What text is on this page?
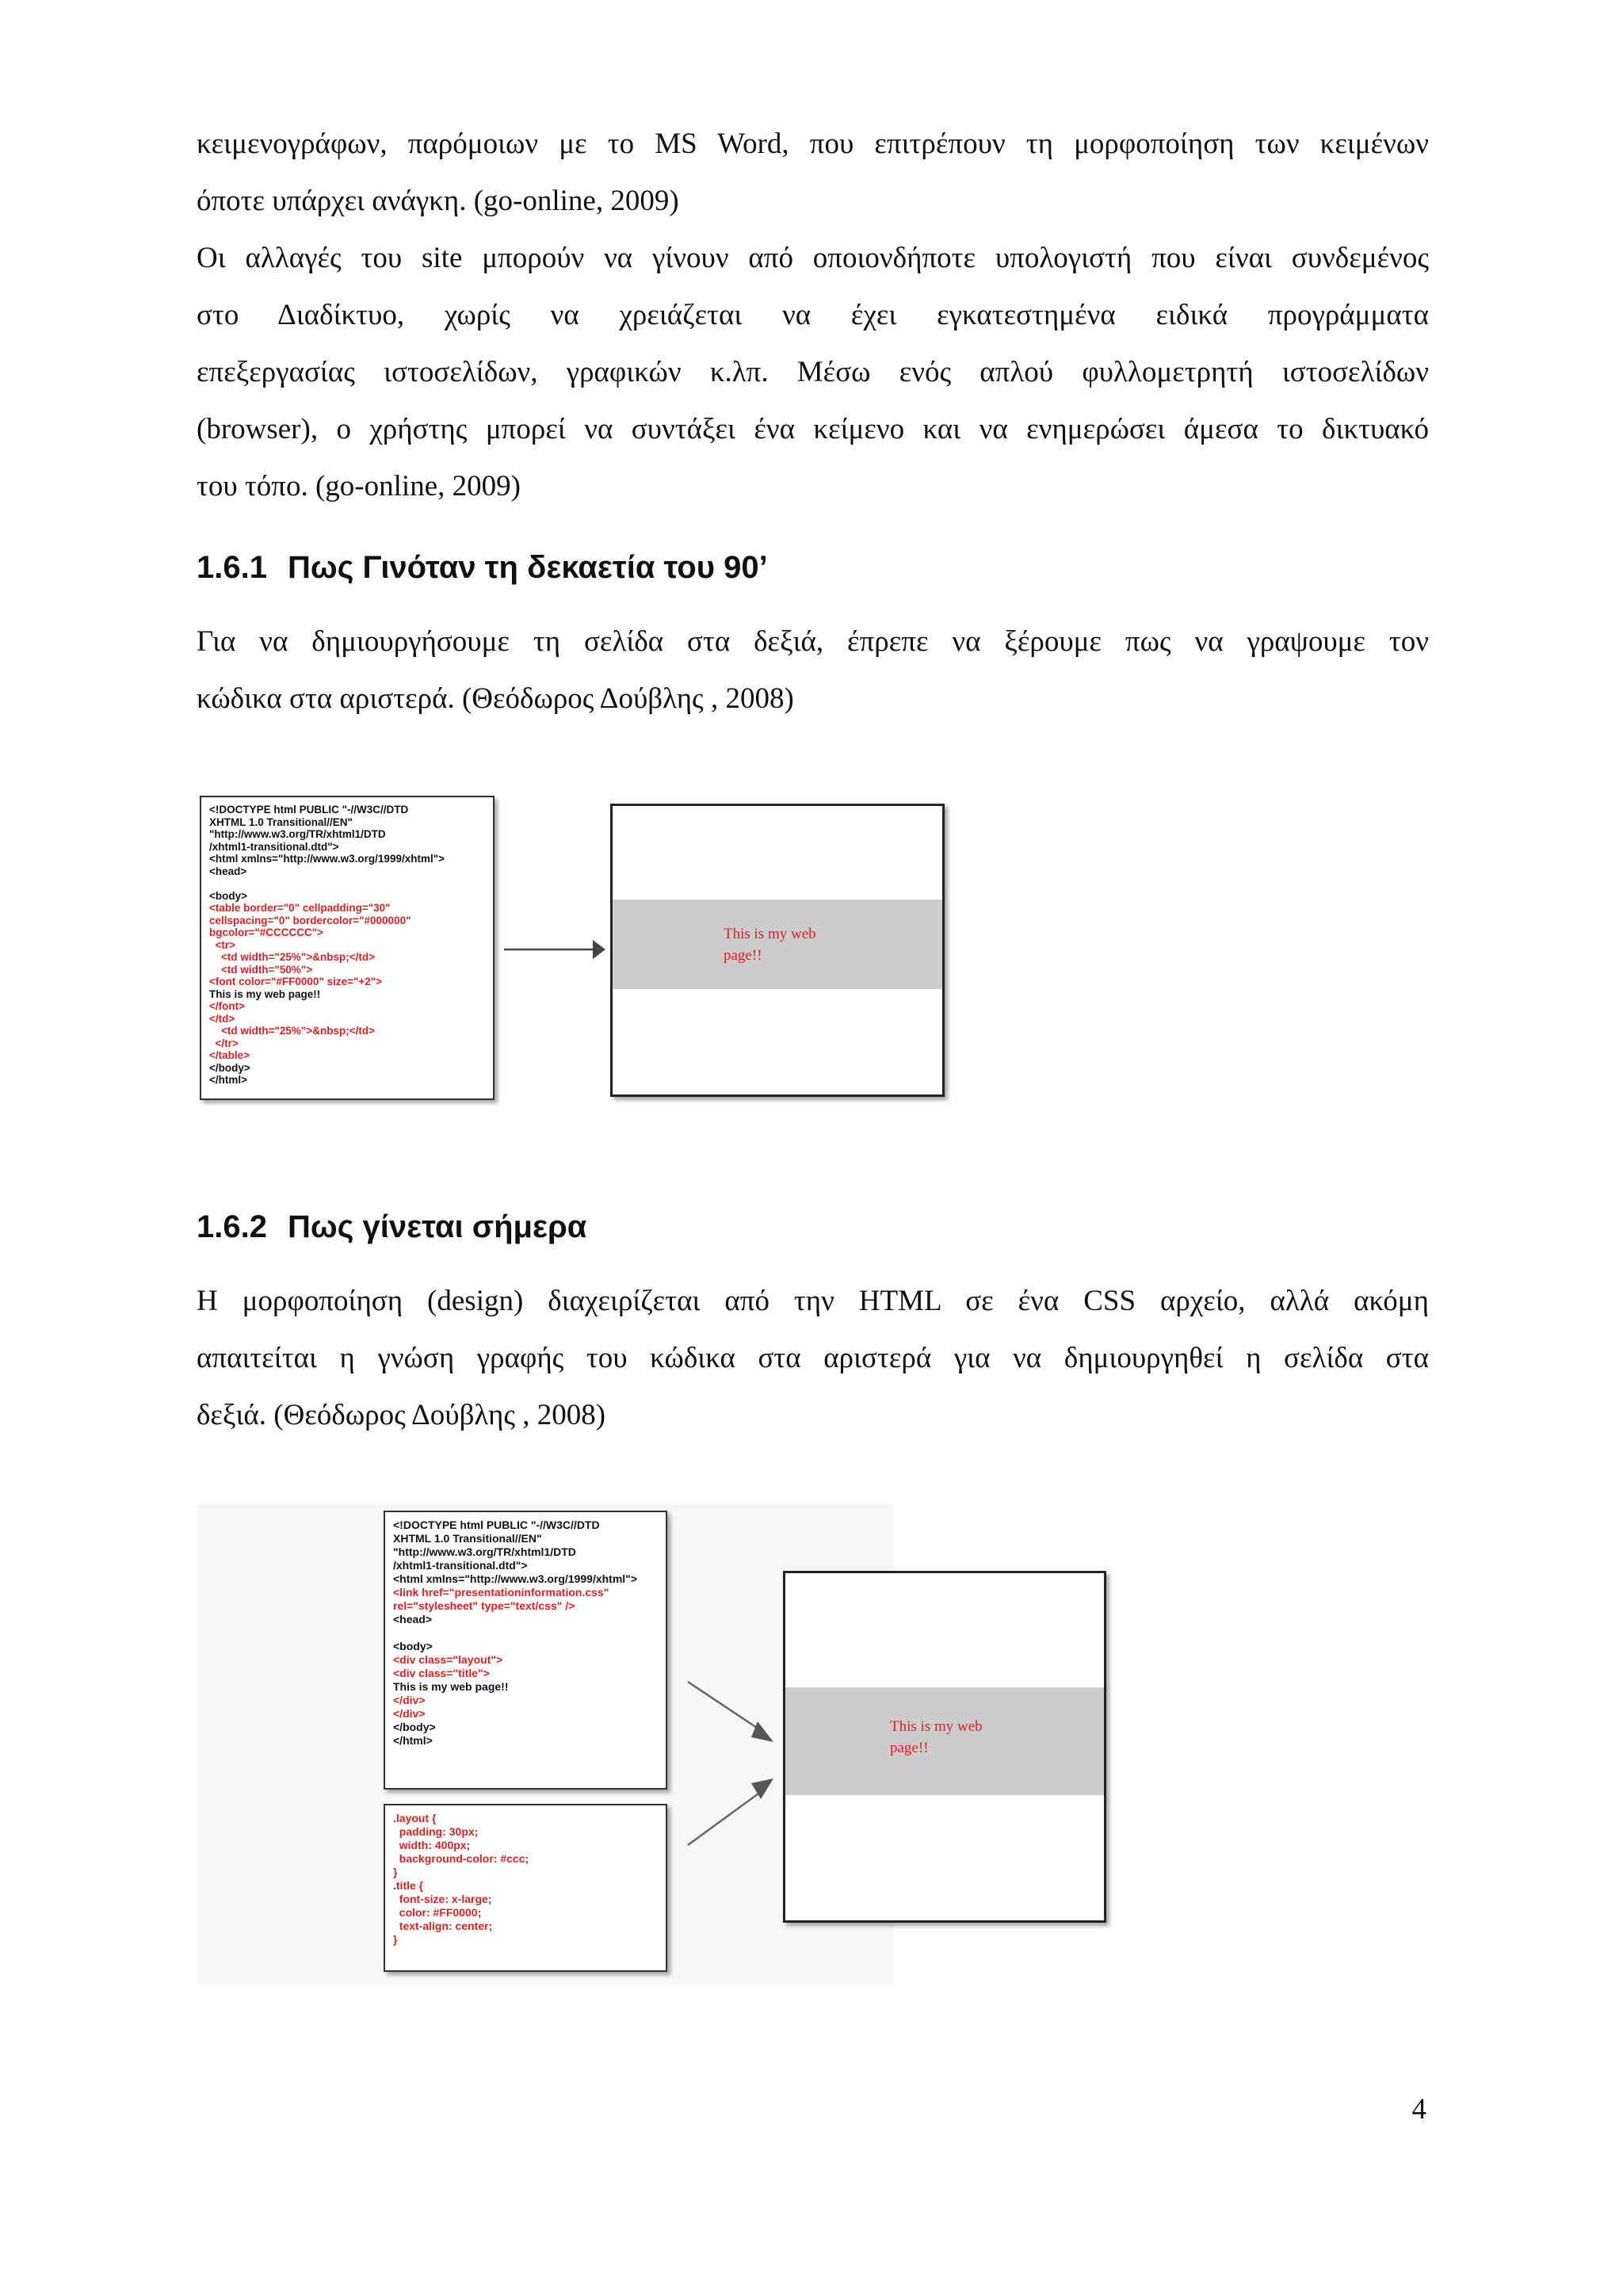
κειμενογράφων, παρόμοιων με το MS Word, που επιτρέπουν τη μορφοποίηση των κειμένων
όποτε υπάρχει ανάγκη. (go-online, 2009)
Οι αλλαγές του site μπορούν να γίνουν από οποιονδήποτε υπολογιστή που είναι συνδεμένος
στο Διαδίκτυο, χωρίς να χρειάζεται να έχει εγκατεστημένα ειδικά προγράμματα
επεξεργασίας ιστοσελίδων, γραφικών κ.λπ. Μέσω ενός απλού φυλλομετρητή ιστοσελίδων
(browser), ο χρήστης μπορεί να συντάξει ένα κείμενο και να ενημερώσει άμεσα το δικτυακό
του τόπο. (go-online, 2009)
1.6.1 Πως Γινόταν τη δεκαετία του 90’
Για να δημιουργήσουμε τη σελίδα στα δεξιά, έπρεπε να ξέρουμε πως να γραψουμε τον
κώδικα στα αριστερά. (Θεόδωρος Δούβλης , 2008)
<!DOCTYPE html PUBLIC "-//W3C//DTD
XHTML 1.0 Transitional//EN"
"http://www.w3.org/TR/xhtml1/DTD
/xhtml1-transitional.dtd">
<html xmlns="http://www.w3.org/1999/xhtml">
<head>

<body>
<table border="0" cellpadding="30"
cellspacing="0" bordercolor="#000000"
bgcolor="#CCCCCC">
<tr>
<td width="25%">&nbsp;</td>
<td width="50%">
<font color="#FF0000" size="+2">
This is my web page!!
</font>
</td>
<td width="25%">&nbsp;</td>
</tr>
</table>
</body>
</html>
This is my web
page!!
1.6.2 Πως γίνεται σήμερα
Η μορφοποίηση (design) διαχειρίζεται από την HTML σε ένα CSS αρχείο, αλλά ακόμη
απαιτείται η γνώση γραφής του κώδικα στα αριστερά για να δημιουργηθεί η σελίδα στα
δεξιά. (Θεόδωρος Δούβλης , 2008)
<!DOCTYPE html PUBLIC "-//W3C//DTD
XHTML 1.0 Transitional//EN"
"http://www.w3.org/TR/xhtml1/DTD
/xhtml1-transitional.dtd">
<html xmlns="http://www.w3.org/1999/xhtml">
<link href="presentationinformation.css"
rel="stylesheet" type="text/css" />
<head>

<body>
<div class="layout">
<div class="title">
This is my web page!!
</div>
</div>
</body>
</html>
.layout {
padding: 30px;
width: 400px;
background-color: #ccc;
}
.title {
font-size: x-large;
color: #FF0000;
text-align: center;
}
This is my web
page!!
4
